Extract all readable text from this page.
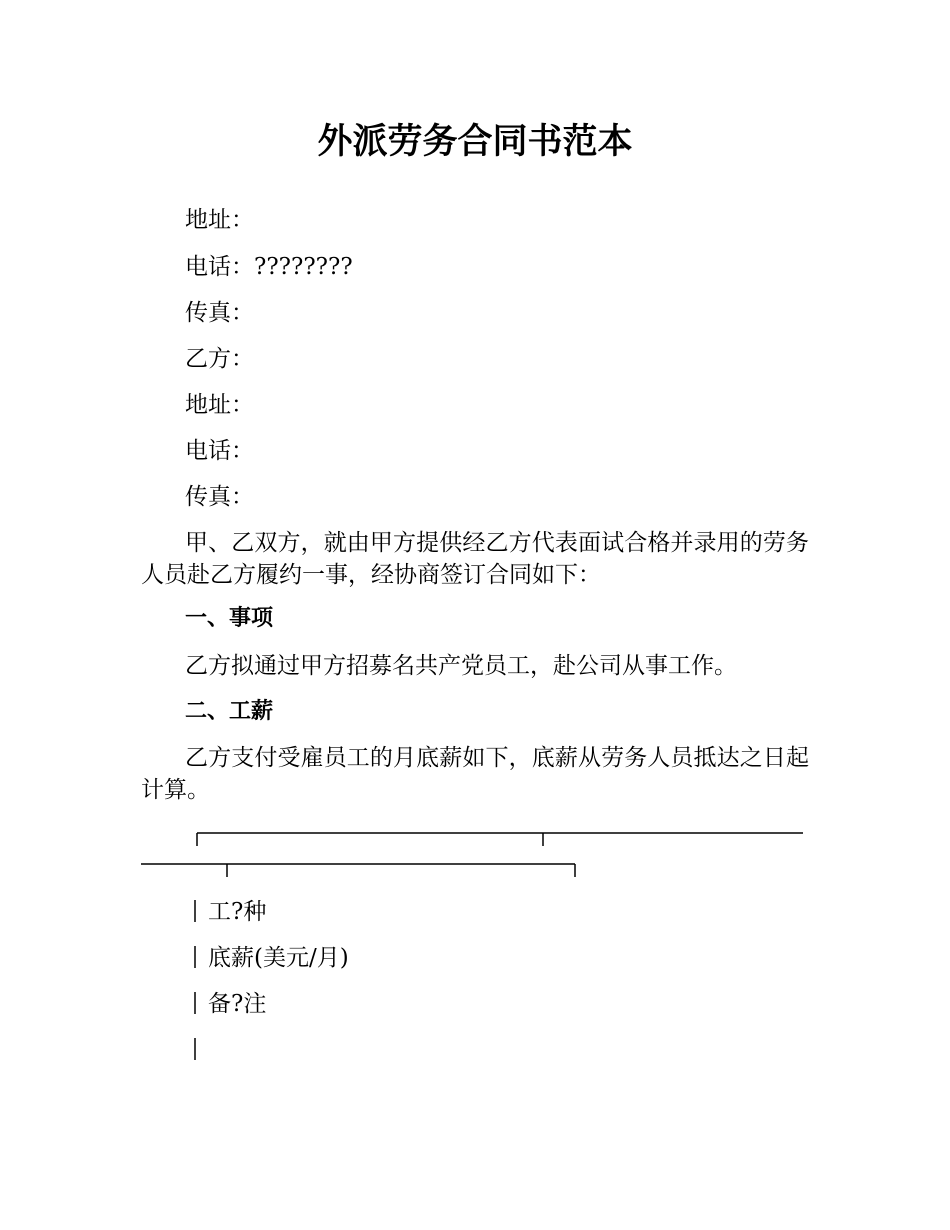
外派劳务合同书范本
地址：
电话：????????
传真：
乙方：
地址：
电话：
传真：
甲、乙双方，就由甲方提供经乙方代表面试合格并录用的劳务人员赴乙方履约一事，经协商签订合同如下：
一、事项
乙方拟通过甲方招募名共产党员工，赴公司从事工作。
二、工薪
乙方支付受雇员工的月底薪如下，底薪从劳务人员抵达之日起计算。
工?种
底薪(美元/月)
备?注
